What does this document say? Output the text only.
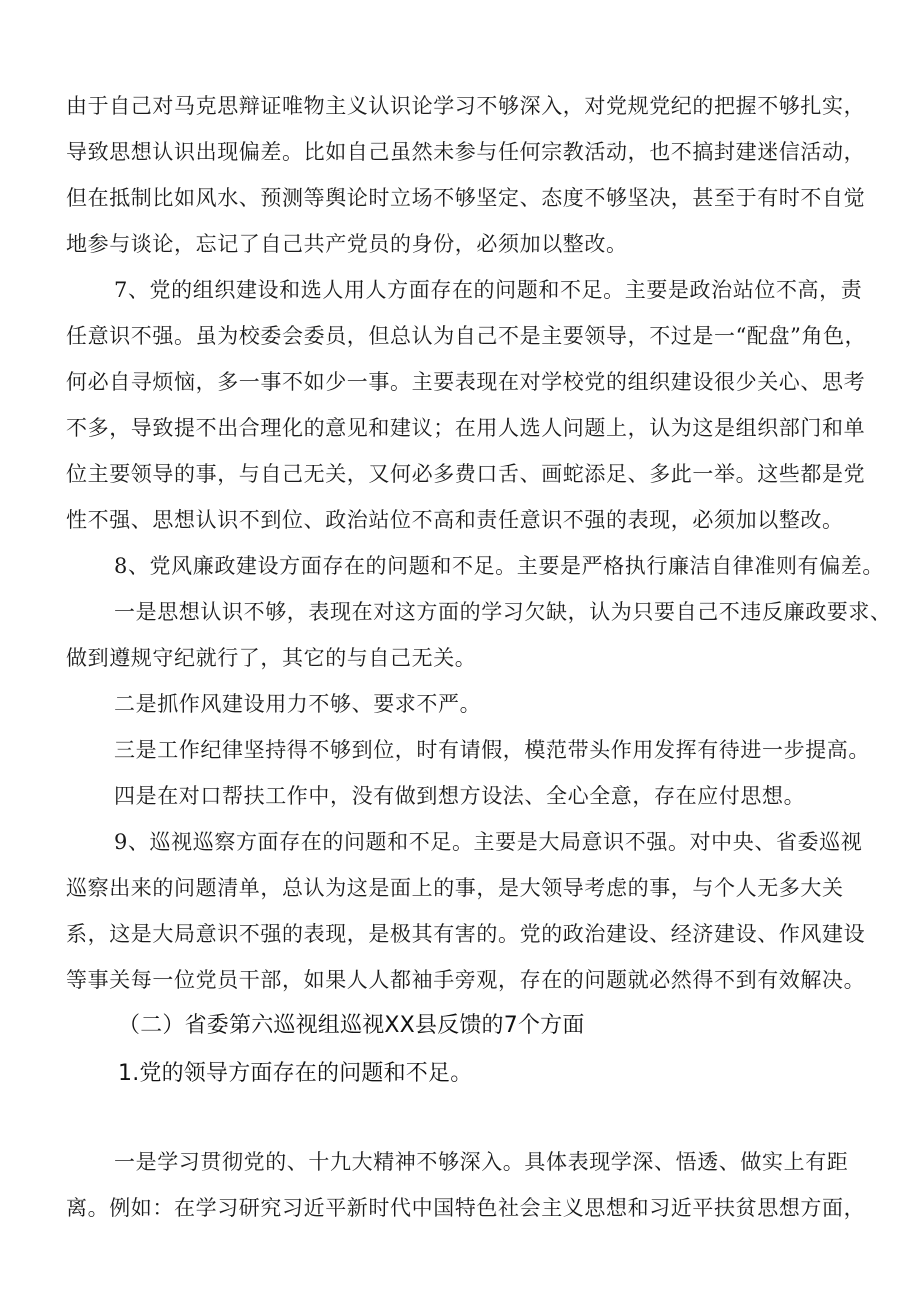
由于自己对马克思辩证唯物主义认识论学习不够深入，对党规党纪的把握不够扎实，
导致思想认识出现偏差。比如自己虽然未参与任何宗教活动，也不搞封建迷信活动，
但在抵制比如风水、预测等舆论时立场不够坚定、态度不够坚决，甚至于有时不自觉
地参与谈论，忘记了自己共产党员的身份，必须加以整改。
7、党的组织建设和选人用人方面存在的问题和不足。主要是政治站位不高，责
任意识不强。虽为校委会委员，但总认为自己不是主要领导，不过是一“配盘”角色，
何必自寻烦恼，多一事不如少一事。主要表现在对学校党的组织建设很少关心、思考
不多，导致提不出合理化的意见和建议；在用人选人问题上，认为这是组织部门和单
位主要领导的事，与自己无关，又何必多费口舌、画蛇添足、多此一举。这些都是党
性不强、思想认识不到位、政治站位不高和责任意识不强的表现，必须加以整改。
8、党风廉政建设方面存在的问题和不足。主要是严格执行廉洁自律准则有偏差。
一是思想认识不够，表现在对这方面的学习欠缺，认为只要自己不违反廉政要求、
做到遵规守纪就行了，其它的与自己无关。
二是抓作风建设用力不够、要求不严。
三是工作纪律坚持得不够到位，时有请假，模范带头作用发挥有待进一步提高。
四是在对口帮扶工作中，没有做到想方设法、全心全意，存在应付思想。
9、巡视巡察方面存在的问题和不足。主要是大局意识不强。对中央、省委巡视
巡察出来的问题清单，总认为这是面上的事，是大领导考虑的事，与个人无多大关
系，这是大局意识不强的表现，是极其有害的。党的政治建设、经济建设、作风建设
等事关每一位党员干部，如果人人都袖手旁观，存在的问题就必然得不到有效解决。
（二）省委第六巡视组巡视XX县反馈的7个方面
1.党的领导方面存在的问题和不足。
一是学习贯彻党的、十九大精神不够深入。具体表现学深、悟透、做实上有距
离。例如：在学习研究习近平新时代中国特色社会主义思想和习近平扶贫思想方面，
